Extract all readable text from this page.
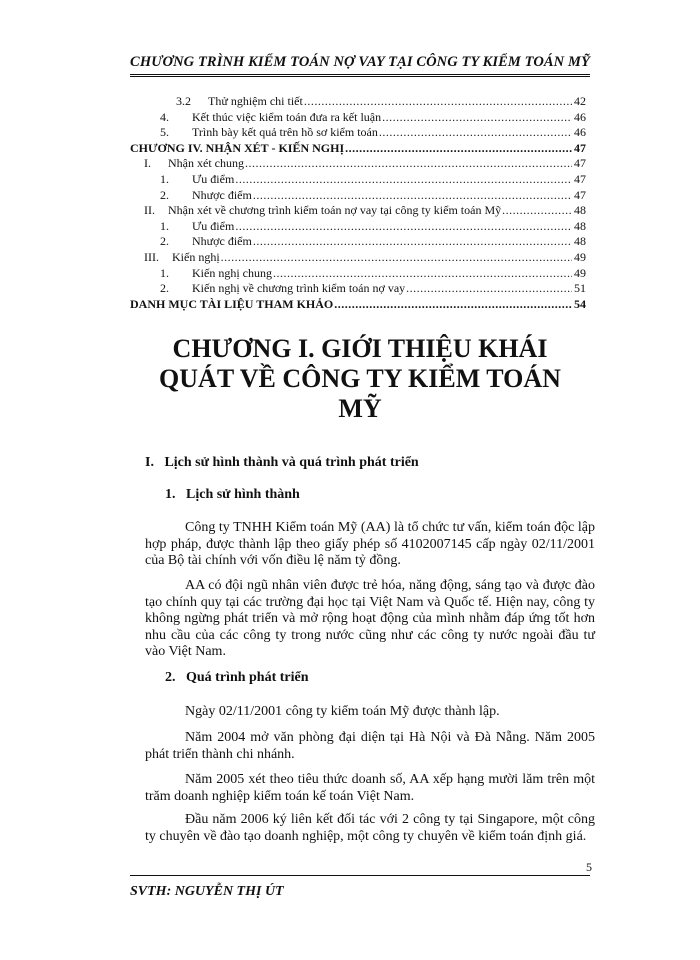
CHƯƠNG TRÌNH KIỂM TOÁN NỢ VAY TẠI CÔNG TY KIỂM TOÁN MỸ
3.2	Thử nghiệm chi tiết .....	42
4.	Kết thúc việc kiểm toán đưa ra kết luận .....	46
5.	Trình bày kết quả trên hồ sơ kiểm toán .....	46
CHƯƠNG IV. NHẬN XÉT - KIẾN NGHỊ .....	47
I.	Nhận xét chung .....	47
1.	Ưu điểm .....	47
2.	Nhược điểm .....	47
II.	Nhận xét về chương trình kiểm toán nợ vay tại công ty kiểm toán Mỹ .....	48
1.	Ưu điểm .....	48
2.	Nhược điểm .....	48
III.	Kiến nghị .....	49
1.	Kiến nghị chung .....	49
2.	Kiến nghị về chương trình kiểm toán nợ vay .....	51
DANH MỤC TÀI LIỆU THAM KHẢO .....	54
CHƯƠNG I. GIỚI THIỆU KHÁI
QUÁT VỀ CÔNG TY KIỂM TOÁN
MỸ
I.   Lịch sử hình thành và quá trình phát triển
1.   Lịch sử hình thành
Công ty TNHH Kiểm toán Mỹ (AA) là tổ chức tư vấn, kiểm toán độc lập hợp pháp, được thành lập theo giấy phép số 4102007145 cấp ngày 02/11/2001 của Bộ tài chính với vốn điều lệ năm tỷ đồng.
AA có đội ngũ nhân viên được trẻ hóa, năng động, sáng tạo và được đào tạo chính quy tại các trường đại học tại Việt Nam và Quốc tế. Hiện nay, công ty không ngừng phát triển và mở rộng hoạt động của mình nhằm đáp ứng tốt hơn nhu cầu của các công ty trong nước cũng như các công ty nước ngoài đầu tư vào Việt Nam.
2.   Quá trình phát triển
Ngày 02/11/2001 công ty kiểm toán Mỹ được thành lập.
Năm 2004 mở văn phòng đại diện tại Hà Nội và Đà Nẵng. Năm 2005 phát triển thành chi nhánh.
Năm 2005 xét theo tiêu thức doanh số, AA xếp hạng mười lăm trên một trăm doanh nghiệp kiểm toán kế toán Việt Nam.
Đầu năm 2006 ký liên kết đối tác với 2 công ty tại Singapore, một công ty chuyên về đào tạo doanh nghiệp, một công ty chuyên về kiểm toán định giá.
SVTH: NGUYỄN THỊ ÚT
5
